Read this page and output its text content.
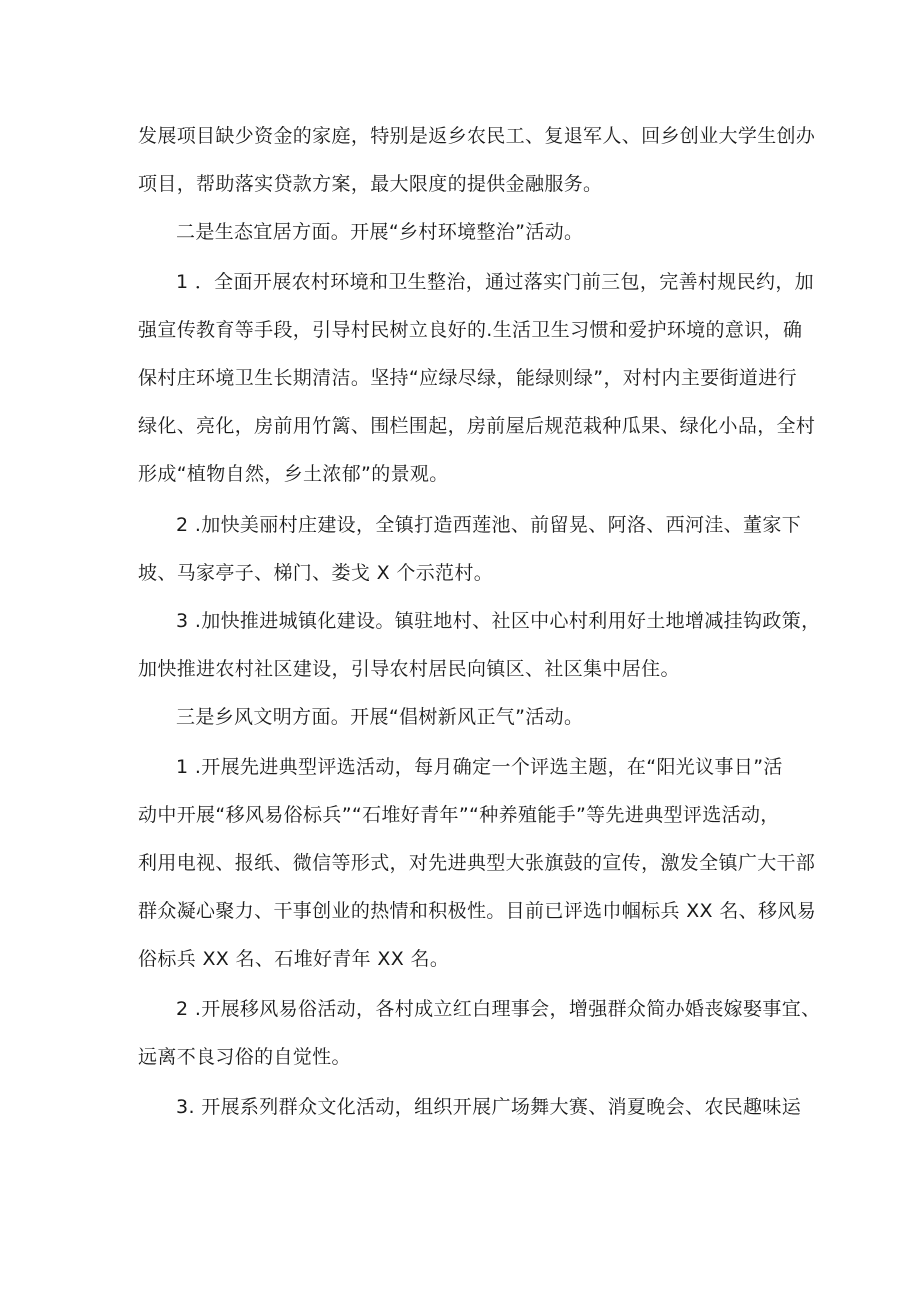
发展项目缺少资金的家庭，特别是返乡农民工、复退军人、回乡创业大学生创办
项目，帮助落实贷款方案，最大限度的提供金融服务。
二是生态宜居方面。开展“乡村环境整治”活动。
1 ．全面开展农村环境和卫生整治，通过落实门前三包，完善村规民约，加
强宣传教育等手段，引导村民树立良好的.生活卫生习惯和爱护环境的意识，确
保村庄环境卫生长期清洁。坚持“应绿尽绿，能绿则绿”，对村内主要街道进行
绿化、亮化，房前用竹篱、围栏围起，房前屋后规范栽种瓜果、绿化小品，全村
形成“植物自然，乡土浓郁”的景观。
2 .加快美丽村庄建设，全镇打造西莲池、前留晃、阿洛、西河洼、董家下
坡、马家亭子、梯门、娄戈 X 个示范村。
3 .加快推进城镇化建设。镇驻地村、社区中心村利用好土地增减挂钩政策，
加快推进农村社区建设，引导农村居民向镇区、社区集中居住。
三是乡风文明方面。开展“倡树新风正气”活动。
1 .开展先进典型评选活动，每月确定一个评选主题，在“阳光议事日”活
动中开展“移风易俗标兵”“石堆好青年”“种养殖能手”等先进典型评选活动，
利用电视、报纸、微信等形式，对先进典型大张旗鼓的宣传，激发全镇广大干部
群众凝心聚力、干事创业的热情和积极性。目前已评选巾帼标兵 XX 名、移风易
俗标兵 XX 名、石堆好青年 XX 名。
2 .开展移风易俗活动，各村成立红白理事会，增强群众简办婚丧嫁娶事宜、
远离不良习俗的自觉性。
3. 开展系列群众文化活动，组织开展广场舞大赛、消夏晚会、农民趣味运
